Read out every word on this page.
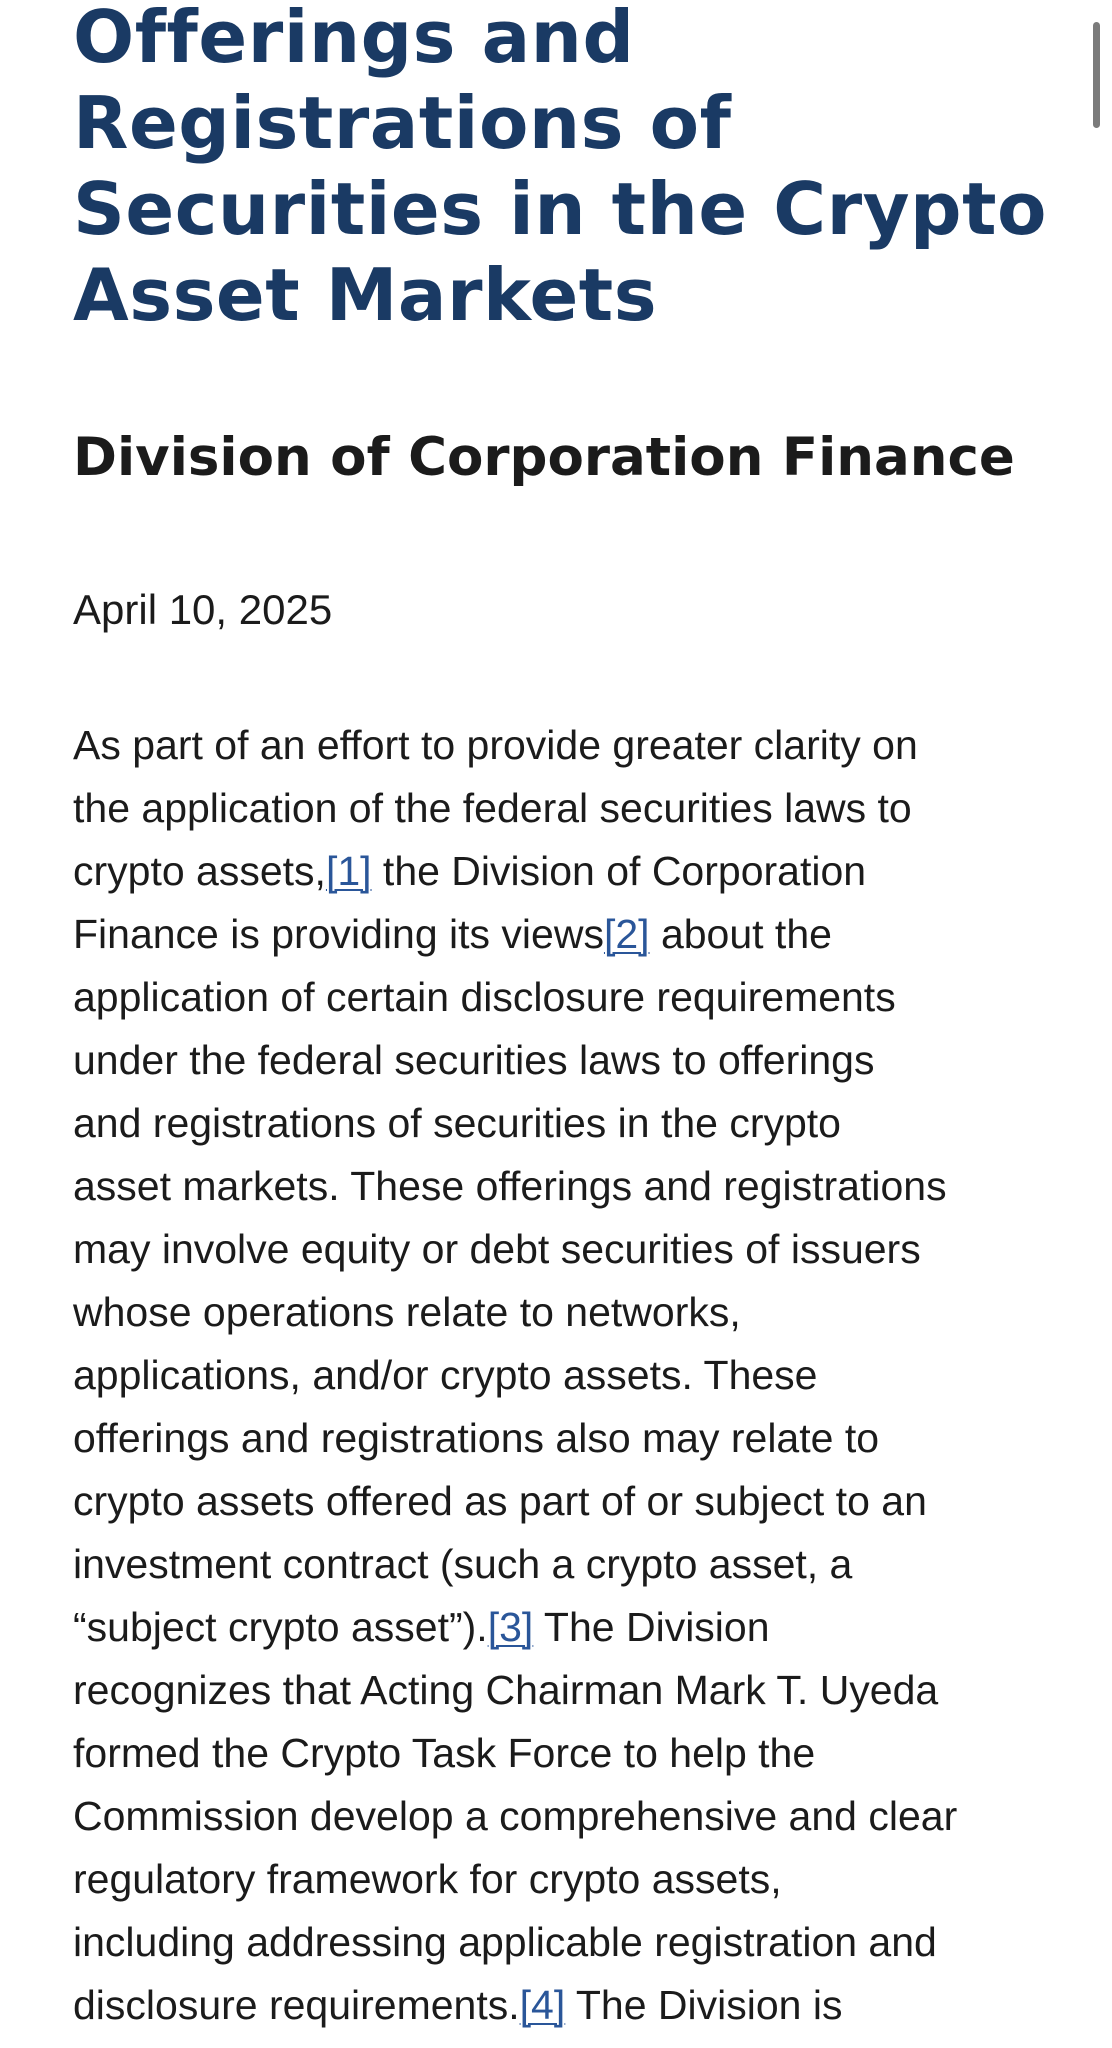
Offerings and
Registrations of
Securities in the Crypto
Asset Markets
Division of Corporation Finance
April 10, 2025

As part of an effort to provide greater clarity on
the application of the federal securities laws to
crypto assets,[1] the Division of Corporation
Finance is providing its views[2] about the
application of certain disclosure requirements
under the federal securities laws to offerings
and registrations of securities in the crypto
asset markets. These offerings and registrations
may involve equity or debt securities of issuers
whose operations relate to networks,
applications, and/or crypto assets. These
offerings and registrations also may relate to
crypto assets offered as part of or subject to an
investment contract (such a crypto asset, a
“subject crypto asset”).[3] The Division
recognizes that Acting Chairman Mark T. Uyeda
formed the Crypto Task Force to help the
Commission develop a comprehensive and clear
regulatory framework for crypto assets,
including addressing applicable registration and
disclosure requirements.[4] The Division is
